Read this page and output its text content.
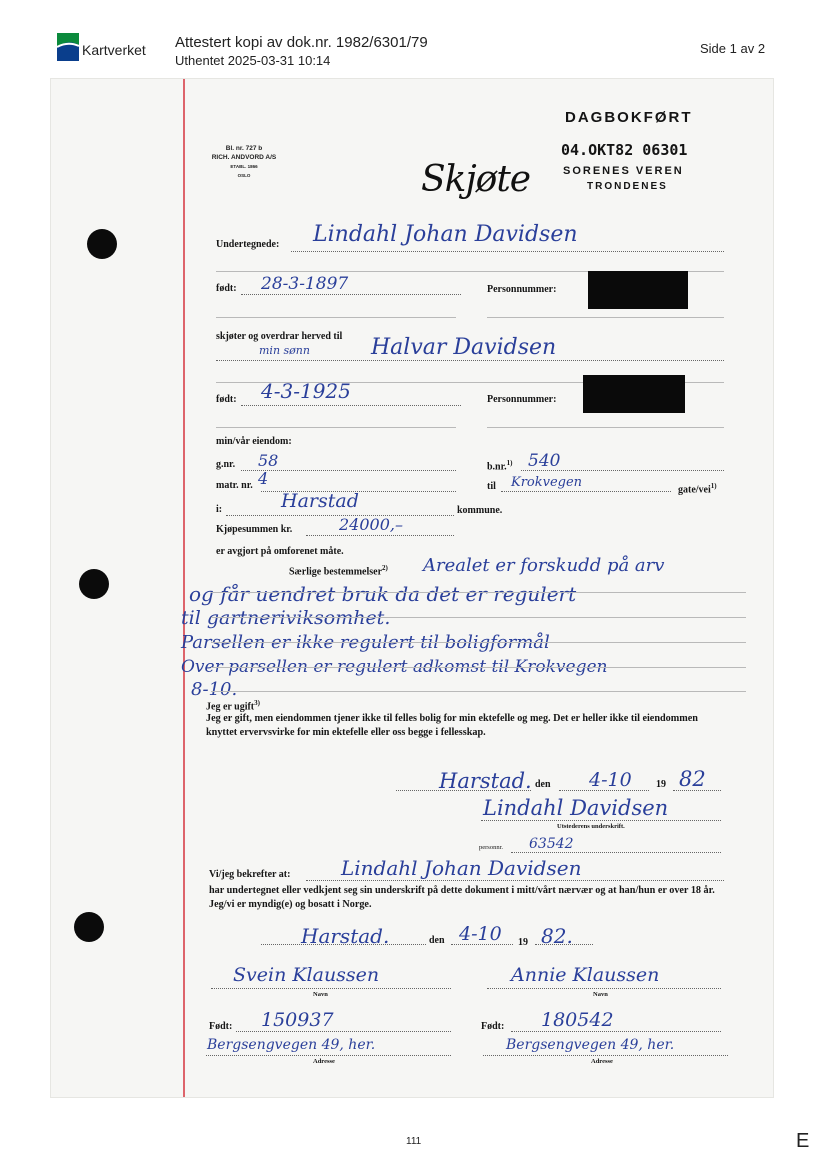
Kartverket Attestert kopi av dok.nr. 1982/6301/79
Uthentet 2025-03-31 10:14
Side 1 av 2
Bl. nr. 727 b
RICH. ANDVORD A/S
ETABL. 1866
OSLO	Skjøte
DAGBOKFØRT
04.OKT82 06301
SORENES VEREN
TRONDENES
Undertegnede: Lindahl Johan Davidsen
født: 28-3-1897	Personnummer:
skjøter og overdrar herved til
min sønn	Halvar Davidsen
født: 4-3-1925	Personnummer:
min/vår eiendom:
g.nr. 58	b.nr.$^{1)}$ 540
matr. nr. 4	til Krokvegen	gate/vei$^{1)}$
i:	Harstad	kommune.
Kjøpesummen kr.	24000,–
er avgjort på omforenet måte.
Særlige bestemmelser$^{2)}$ Arealet er forskudd på arv
og får uendret bruk da det er regulert
til gartneriviksomhet.
Parsellen er ikke regulert til boligformål
Over parsellen er regulert adkomst til Krokvegen
8-10.
Jeg er ugift$^{3)}$
Jeg er gift, men eiendommen tjener ikke til felles bolig for min ektefelle og meg. Det er heller ikke til eiendommen knyttet ervervsvirke for min ektefelle eller oss begge i fellesskap.
Harstad. den 4-10 19 82
Lindahl Davidsen
Utstederens underskrift.
personnr. 63542
Vi/jeg bekrefter at:	Lindahl Johan Davidsen
har undertegnet eller vedkjent seg sin underskrift på dette dokument i mitt/vårt nærvær og at han/hun er over 18 år. Jeg/vi er myndig(e) og bosatt i Norge.
Harstad.	den 4-10 19 82.
Svein Klaussen
Navn
Annie Klaussen
Navn
Født: 150937	Født: 180542
Bergsengvegen 49, her.
Adresse
Bergsengvegen 49, her.
Adresse
111	E
